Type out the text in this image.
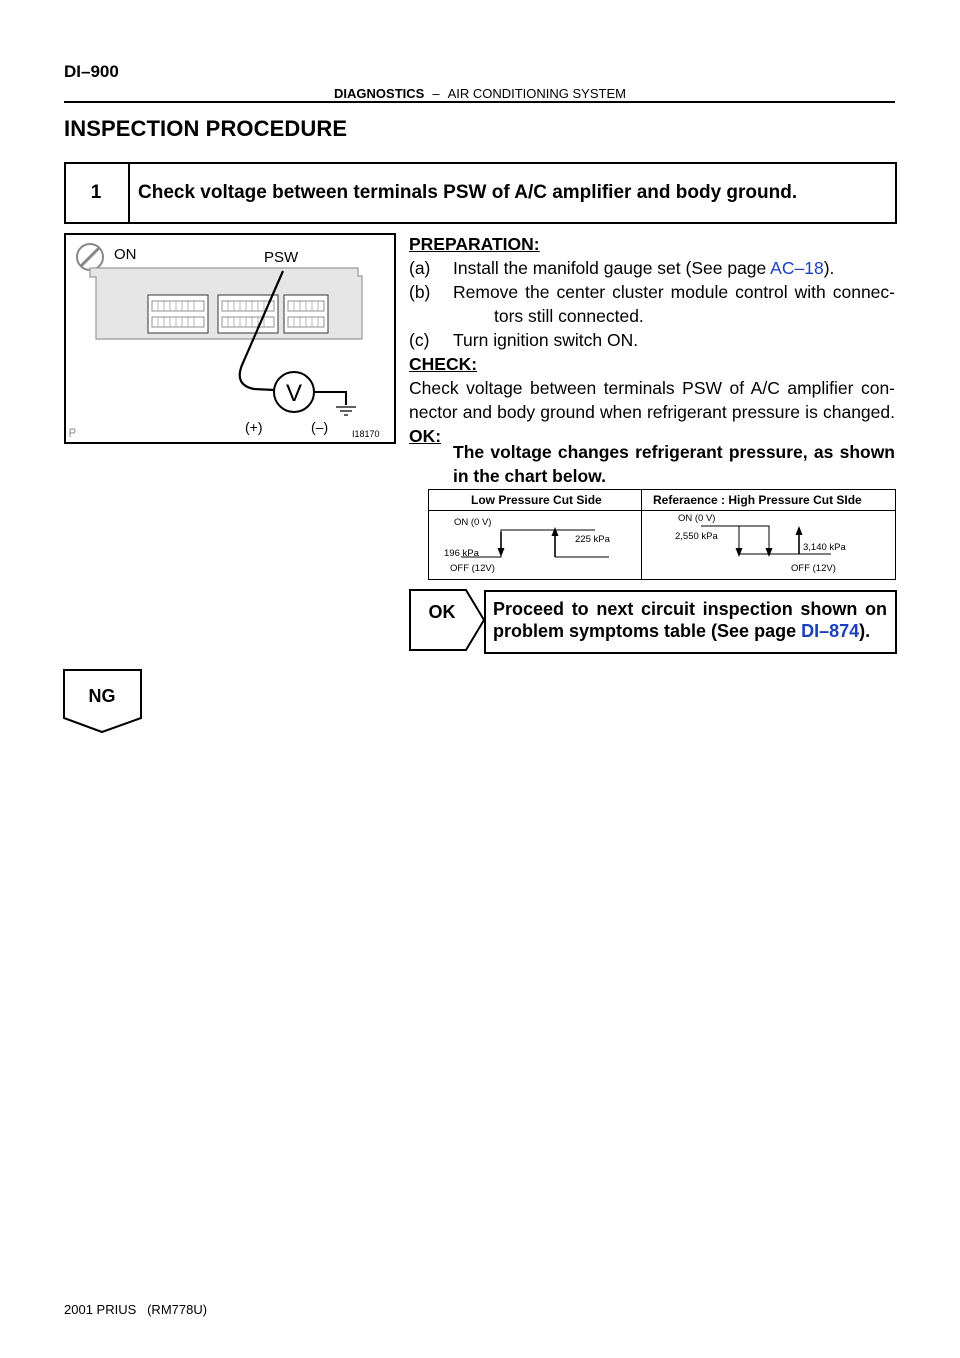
DI–900
DIAGNOSTICS – AIR CONDITIONING SYSTEM
INSPECTION PROCEDURE
1	Check voltage between terminals PSW of A/C amplifier and body ground.
ON	PSW
V
(+)	(–)	I18170
PREPARATION:
(a) Install the manifold gauge set (See page AC–18).
(b) Remove the center cluster module control with connec-
tors still connected.
(c) Turn ignition switch ON.
CHECK:
Check voltage between terminals PSW of A/C amplifier con-
nector and body ground when refrigerant pressure is changed.
OK:
The voltage changes refrigerant pressure, as shown
in the chart below.
Low Pressure Cut Side	Referaence : High Pressure Cut SIde
ON (0 V)
225 kPa
196 kPa
OFF (12V)
ON (0 V)
2,550 kPa
3,140 kPa
OFF (12V)
OK Proceed to next circuit inspection shown on
problem symptoms table (See page DI–874).
NG
2001 PRIUS   (RM778U)
